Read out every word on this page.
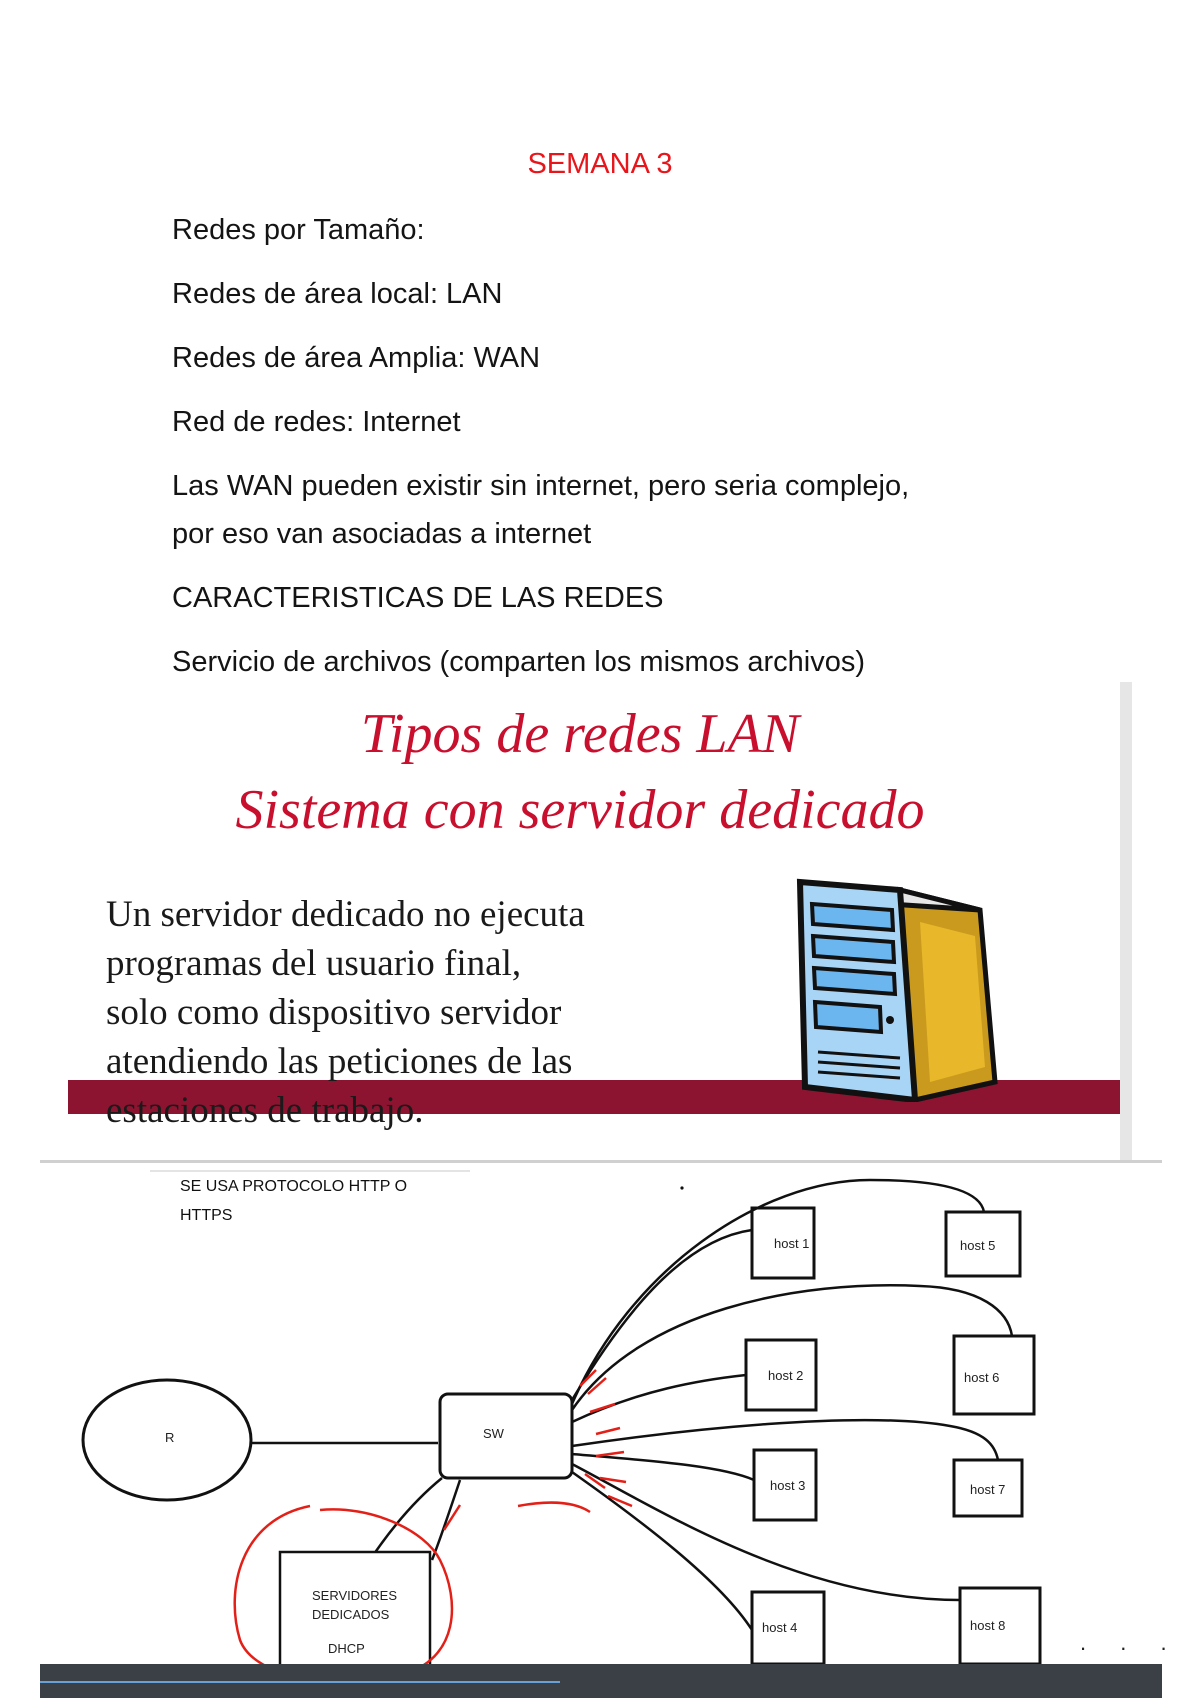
SEMANA 3
Redes por Tamaño:
Redes de área local: LAN
Redes de área Amplia: WAN
Red de redes: Internet
Las WAN pueden existir sin internet, pero seria complejo,
por eso van asociadas a internet
CARACTERISTICAS DE LAS REDES
Servicio de archivos (comparten los mismos archivos)
Tipos de redes LAN
Sistema con servidor dedicado
Un servidor dedicado no ejecuta
programas del usuario final,
solo como dispositivo servidor
atendiendo las peticiones de las
estaciones de trabajo.
SE USA PROTOCOLO HTTP O
HTTPS
R	SW
SERVIDORES
DEDICADOS
DHCP
host 1
host 2
host 3
host 4
host 5
host 6
host 7
host 8
. . .
